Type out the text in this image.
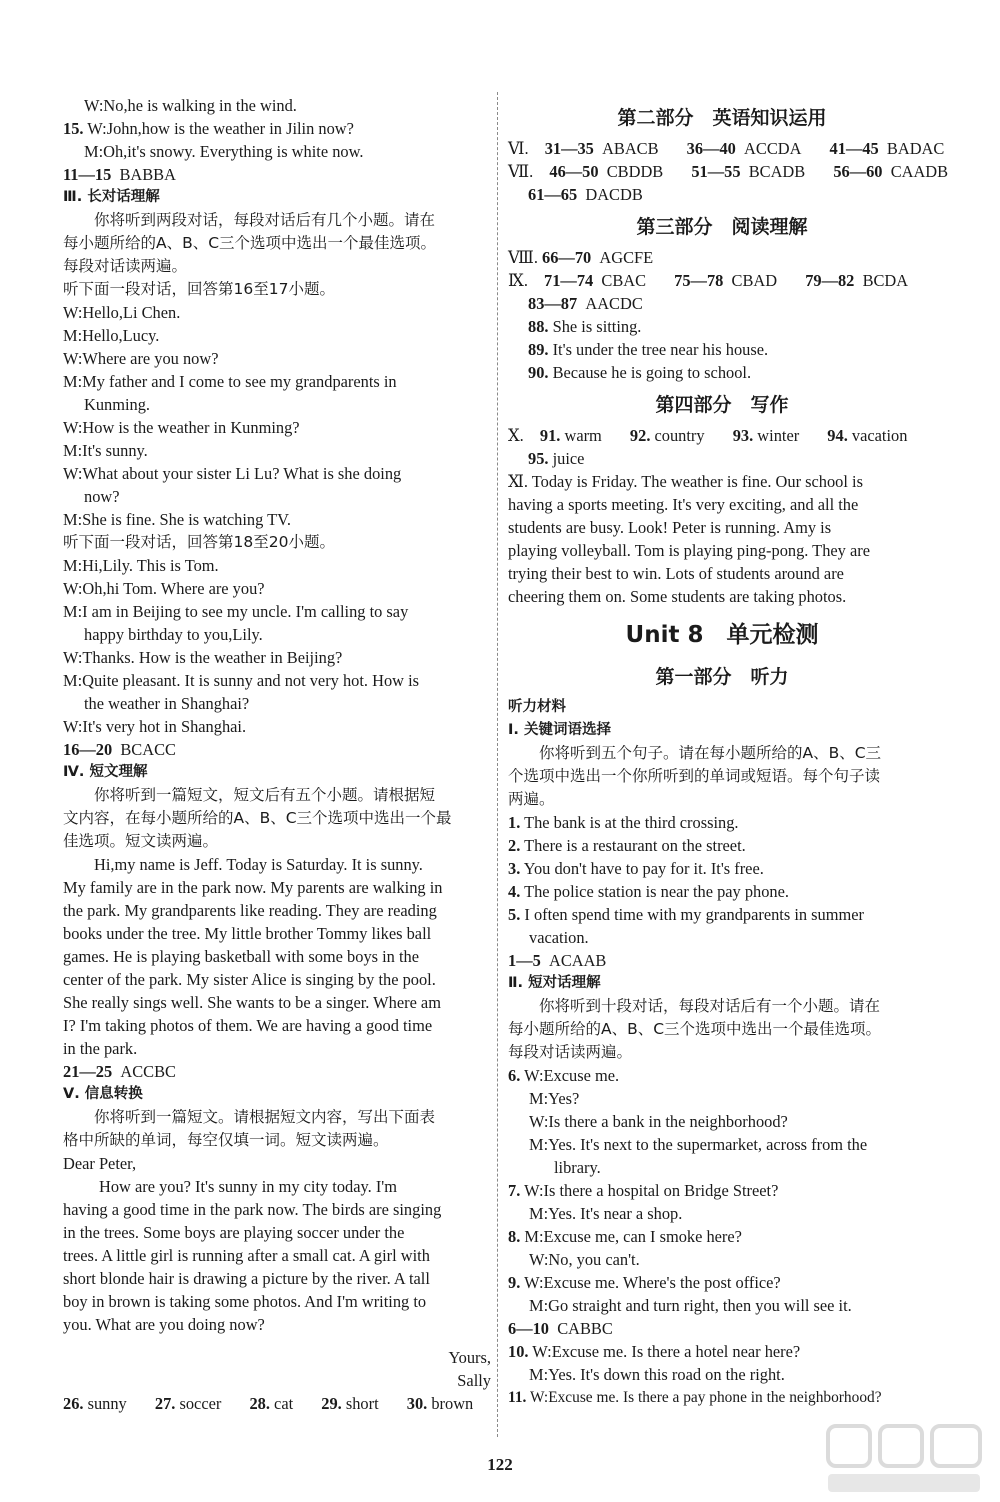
W:No,he is walking in the wind.
15. W:John,how is the weather in Jilin now?
M:Oh,it's snowy. Everything is white now.
11—15 BABBA
Ⅲ. 长对话理解
你将听到两段对话，每段对话后有几个小题。请在
每小题所给的A、B、C三个选项中选出一个最佳选项。
每段对话读两遍。
听下面一段对话，回答第16至17小题。
W:Hello,Li Chen.
M:Hello,Lucy.
W:Where are you now?
M:My father and I come to see my grandparents in
Kunming.
W:How is the weather in Kunming?
M:It's sunny.
W:What about your sister Li Lu? What is she doing
now?
M:She is fine. She is watching TV.
听下面一段对话，回答第18至20小题。
M:Hi,Lily. This is Tom.
W:Oh,hi Tom. Where are you?
M:I am in Beijing to see my uncle. I'm calling to say
happy birthday to you,Lily.
W:Thanks. How is the weather in Beijing?
M:Quite pleasant. It is sunny and not very hot. How is
the weather in Shanghai?
W:It's very hot in Shanghai.
16—20 BCACC
Ⅳ. 短文理解
你将听到一篇短文，短文后有五个小题。请根据短
文内容，在每小题所给的A、B、C三个选项中选出一个最
佳选项。短文读两遍。
Hi,my name is Jeff. Today is Saturday. It is sunny.
My family are in the park now. My parents are walking in
the park. My grandparents like reading. They are reading
books under the tree. My little brother Tommy likes ball
games. He is playing basketball with some boys in the
center of the park. My sister Alice is singing by the pool.
She really sings well. She wants to be a singer. Where am
I? I'm taking photos of them. We are having a good time
in the park.
21—25 ACCBC
Ⅴ. 信息转换
你将听到一篇短文。请根据短文内容，写出下面表
格中所缺的单词，每空仅填一词。短文读两遍。
Dear Peter,
How are you? It's sunny in my city today. I'm
having a good time in the park now. The birds are singing
in the trees. Some boys are playing soccer under the
trees. A little girl is running after a small cat. A girl with
short blonde hair is drawing a picture by the river. A tall
boy in brown is taking some photos. And I'm writing to
you. What are you doing now?
Yours,
Sally
26. sunny 27. soccer 28. cat 29. short 30. brown
第二部分　英语知识运用
Ⅵ. 31—35 ABACB 36—40 ACCDA 41—45 BADAC
Ⅶ. 46—50 CBDDB 51—55 BCADB 56—60 CAADB
61—65 DACDB
第三部分　阅读理解
Ⅷ. 66—70 AGCFE
Ⅸ. 71—74 CBAC 75—78 CBAD 79—82 BCDA
83—87 AACDC
88. She is sitting.
89. It's under the tree near his house.
90. Because he is going to school.
第四部分　写作
Ⅹ. 91. warm 92. country 93. winter 94. vacation
95. juice
Ⅺ. Today is Friday. The weather is fine. Our school is
having a sports meeting. It's very exciting, and all the
students are busy. Look! Peter is running. Amy is
playing volleyball. Tom is playing ping-pong. They are
trying their best to win. Lots of students around are
cheering them on. Some students are taking photos.
Unit 8　单元检测
第一部分　听力
听力材料
Ⅰ. 关键词语选择
你将听到五个句子。请在每小题所给的A、B、C三
个选项中选出一个你所听到的单词或短语。每个句子读
两遍。
1. The bank is at the third crossing.
2. There is a restaurant on the street.
3. You don't have to pay for it. It's free.
4. The police station is near the pay phone.
5. I often spend time with my grandparents in summer
vacation.
1—5 ACAAB
Ⅱ. 短对话理解
你将听到十段对话，每段对话后有一个小题。请在
每小题所给的A、B、C三个选项中选出一个最佳选项。
每段对话读两遍。
6. W:Excuse me.
M:Yes?
W:Is there a bank in the neighborhood?
M:Yes. It's next to the supermarket, across from the
library.
7. W:Is there a hospital on Bridge Street?
M:Yes. It's near a shop.
8. M:Excuse me, can I smoke here?
W:No, you can't.
9. W:Excuse me. Where's the post office?
M:Go straight and turn right, then you will see it.
6—10 CABBC
10. W:Excuse me. Is there a hotel near here?
M:Yes. It's down this road on the right.
11. W:Excuse me. Is there a pay phone in the neighborhood?
122
